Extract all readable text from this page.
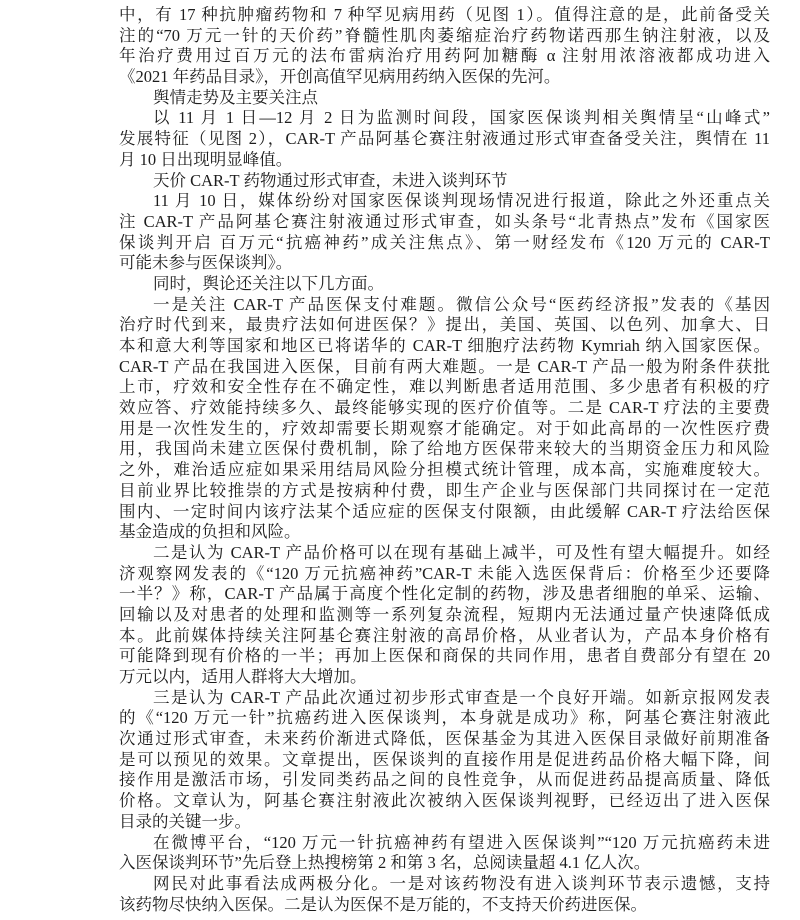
中，有 17 种抗肿瘤药物和 7 种罕见病用药（见图 1）。值得注意的是，此前备受关
注的“70 万元一针的天价药”脊髓性肌肉萎缩症治疗药物诺西那生钠注射液，以及
年治疗费用过百万元的法布雷病治疗用药阿加糖酶 α 注射用浓溶液都成功进入
《2021 年药品目录》，开创高值罕见病用药纳入医保的先河。
舆情走势及主要关注点
以 11 月 1 日—12 月 2 日为监测时间段，国家医保谈判相关舆情呈“山峰式”
发展特征（见图 2），CAR-T 产品阿基仑赛注射液通过形式审查备受关注，舆情在 11
月 10 日出现明显峰值。
天价 CAR-T 药物通过形式审查，未进入谈判环节
11 月 10 日，媒体纷纷对国家医保谈判现场情况进行报道，除此之外还重点关
注 CAR-T 产品阿基仑赛注射液通过形式审查，如头条号“北青热点”发布《国家医
保谈判开启 百万元“抗癌神药”成关注焦点》、第一财经发布《120 万元的 CAR-T
可能未参与医保谈判》。
同时，舆论还关注以下几方面。
一是关注 CAR-T 产品医保支付难题。微信公众号“医药经济报”发表的《基因
治疗时代到来，最贵疗法如何进医保？》提出，美国、英国、以色列、加拿大、日
本和意大利等国家和地区已将诺华的 CAR-T 细胞疗法药物 Kymriah 纳入国家医保。
CAR-T 产品在我国进入医保，目前有两大难题。一是 CAR-T 产品一般为附条件获批
上市，疗效和安全性存在不确定性，难以判断患者适用范围、多少患者有积极的疗
效应答、疗效能持续多久、最终能够实现的医疗价值等。二是 CAR-T 疗法的主要费
用是一次性发生的，疗效却需要长期观察才能确定。对于如此高昂的一次性医疗费
用，我国尚未建立医保付费机制，除了给地方医保带来较大的当期资金压力和风险
之外，难治适应症如果采用结局风险分担模式统计管理，成本高，实施难度较大。
目前业界比较推崇的方式是按病种付费，即生产企业与医保部门共同探讨在一定范
围内、一定时间内该疗法某个适应症的医保支付限额，由此缓解 CAR-T 疗法给医保
基金造成的负担和风险。
二是认为 CAR-T 产品价格可以在现有基础上减半，可及性有望大幅提升。如经
济观察网发表的《“120 万元抗癌神药”CAR-T 未能入选医保背后：价格至少还要降
一半？》称，CAR-T 产品属于高度个性化定制的药物，涉及患者细胞的单采、运输、
回输以及对患者的处理和监测等一系列复杂流程，短期内无法通过量产快速降低成
本。此前媒体持续关注阿基仑赛注射液的高昂价格，从业者认为，产品本身价格有
可能降到现有价格的一半；再加上医保和商保的共同作用，患者自费部分有望在 20
万元以内，适用人群将大大增加。
三是认为 CAR-T 产品此次通过初步形式审查是一个良好开端。如新京报网发表
的《“120 万元一针”抗癌药进入医保谈判，本身就是成功》称，阿基仑赛注射液此
次通过形式审查，未来药价渐进式降低，医保基金为其进入医保目录做好前期准备
是可以预见的效果。文章提出，医保谈判的直接作用是促进药品价格大幅下降，间
接作用是激活市场，引发同类药品之间的良性竞争，从而促进药品提高质量、降低
价格。文章认为，阿基仑赛注射液此次被纳入医保谈判视野，已经迈出了进入医保
目录的关键一步。
在微博平台，“120 万元一针抗癌神药有望进入医保谈判”“120 万元抗癌药未进
入医保谈判环节”先后登上热搜榜第 2 和第 3 名，总阅读量超 4.1 亿人次。
网民对此事看法成两极分化。一是对该药物没有进入谈判环节表示遗憾，支持
该药物尽快纳入医保。二是认为医保不是万能的，不支持天价药进医保。
